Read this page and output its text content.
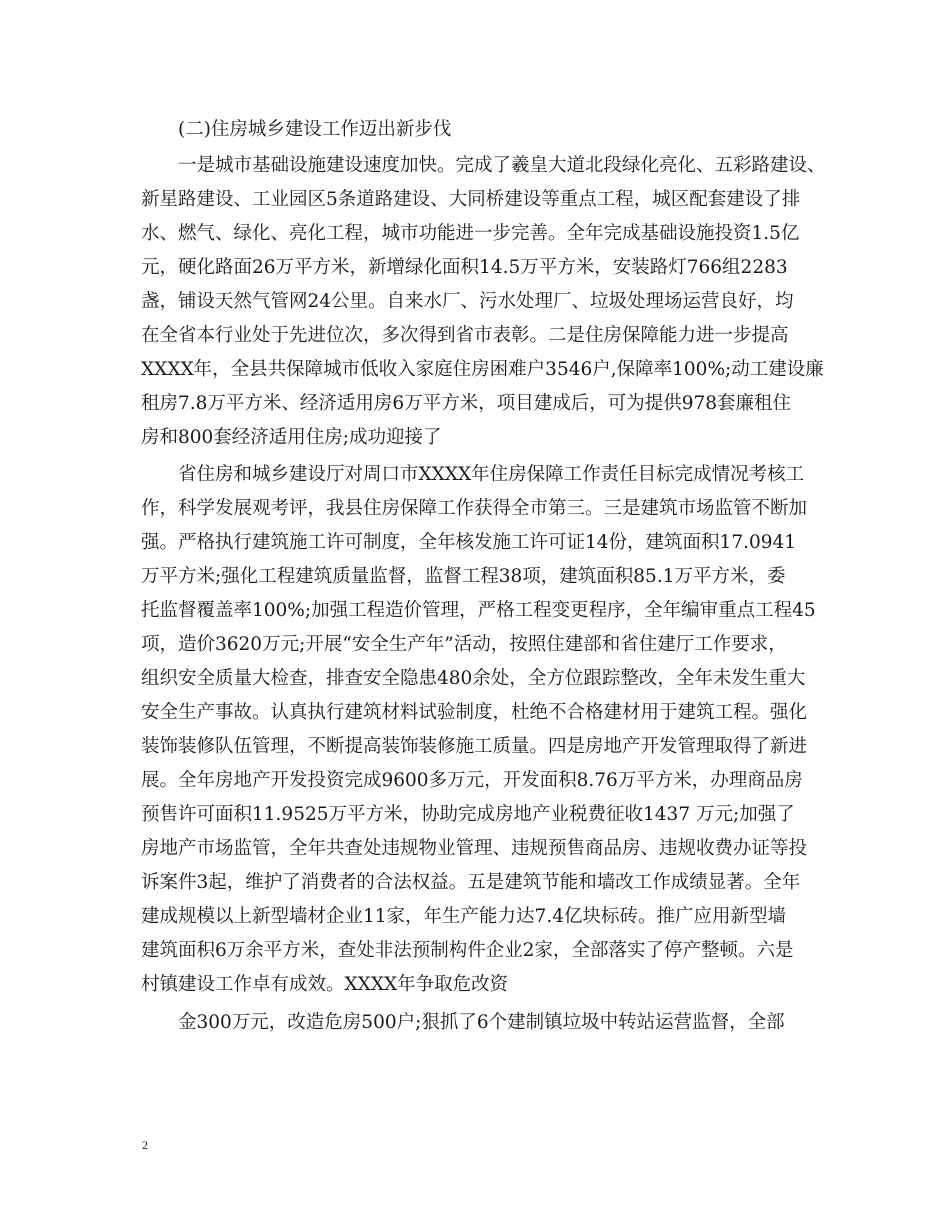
(二)住房城乡建设工作迈出新步伐
一是城市基础设施建设速度加快。完成了羲皇大道北段绿化亮化、五彩路建设、
新星路建设、工业园区5条道路建设、大同桥建设等重点工程，城区配套建设了排
水、燃气、绿化、亮化工程，城市功能进一步完善。全年完成基础设施投资1.5亿
元，硬化路面26万平方米，新增绿化面积14.5万平方米，安装路灯766组2283
盏，铺设天然气管网24公里。自来水厂、污水处理厂、垃圾处理场运营良好，均
在全省本行业处于先进位次，多次得到省市表彰。二是住房保障能力进一步提高
XXXX年，全县共保障城市低收入家庭住房困难户3546户,保障率100%;动工建设廉
租房7.8万平方米、经济适用房6万平方米，项目建成后，可为提供978套廉租住
房和800套经济适用住房;成功迎接了
省住房和城乡建设厅对周口市XXXX年住房保障工作责任目标完成情况考核工
作，科学发展观考评，我县住房保障工作获得全市第三。三是建筑市场监管不断加
强。严格执行建筑施工许可制度，全年核发施工许可证14份，建筑面积17.0941
万平方米;强化工程建筑质量监督，监督工程38项，建筑面积85.1万平方米，委
托监督覆盖率100%;加强工程造价管理，严格工程变更程序，全年编审重点工程45
项，造价3620万元;开展“安全生产年”活动，按照住建部和省住建厅工作要求，
组织安全质量大检查，排查安全隐患480余处，全方位跟踪整改，全年未发生重大
安全生产事故。认真执行建筑材料试验制度，杜绝不合格建材用于建筑工程。强化
装饰装修队伍管理，不断提高装饰装修施工质量。四是房地产开发管理取得了新进
展。全年房地产开发投资完成9600多万元，开发面积8.76万平方米，办理商品房
预售许可面积11.9525万平方米，协助完成房地产业税费征收1437 万元;加强了
房地产市场监管，全年共查处违规物业管理、违规预售商品房、违规收费办证等投
诉案件3起，维护了消费者的合法权益。五是建筑节能和墙改工作成绩显著。全年
建成规模以上新型墙材企业11家，年生产能力达7.4亿块标砖。推广应用新型墙
建筑面积6万余平方米，查处非法预制构件企业2家，全部落实了停产整顿。六是
村镇建设工作卓有成效。XXXX年争取危改资
金300万元，改造危房500户;狠抓了6个建制镇垃圾中转站运营监督，全部
2
